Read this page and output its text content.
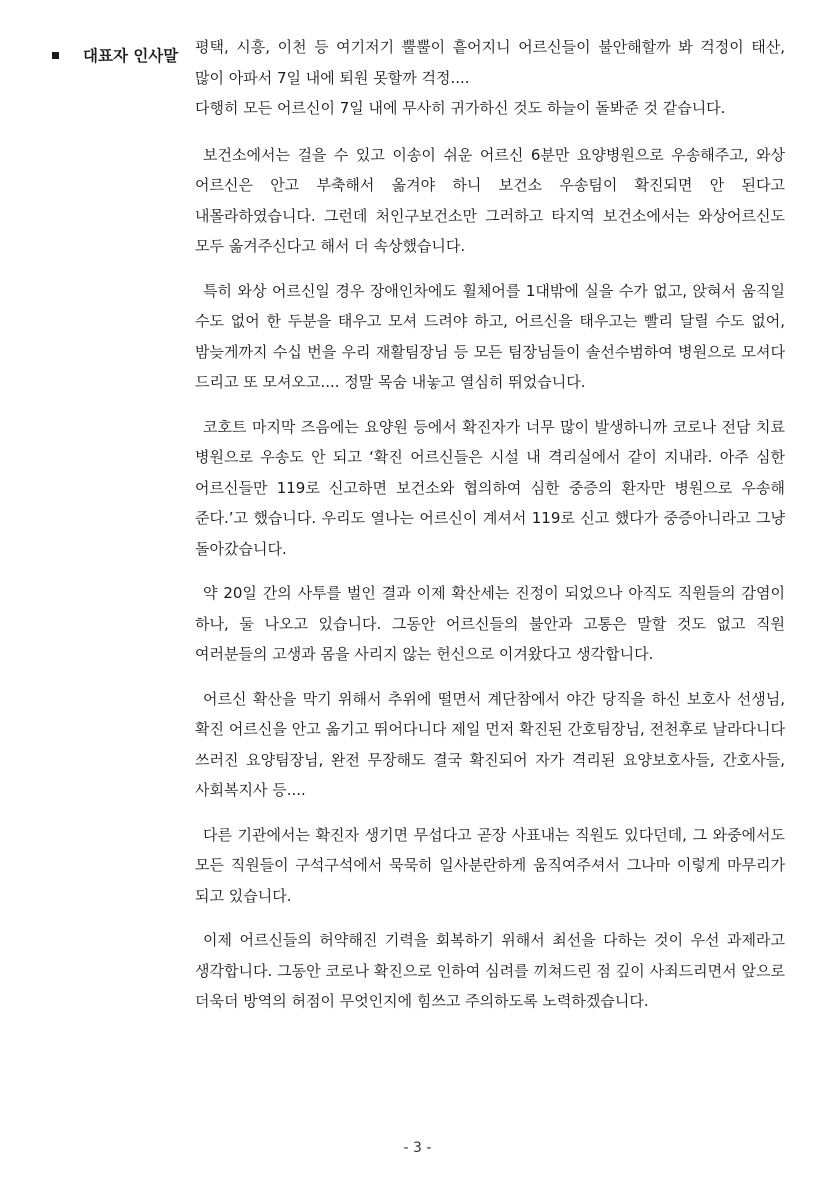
대표자 인사말 평택, 시흥, 이천 등 여기저기 뿔뿔이 흩어지니 어르신들이 불안해할까 봐 걱정이 태산, 많이 아파서 7일 내에 퇴원 못할까 걱정....
다행히 모든 어르신이 7일 내에 무사히 귀가하신 것도 하늘이 돌봐준 것 같습니다.

보건소에서는 걸을 수 있고 이송이 쉬운 어르신 6분만 요양병원으로 우송해주고, 와상 어르신은 안고 부축해서 옮겨야 하니 보건소 우송팀이 확진되면 안 된다고 내몰라하였습니다. 그런데 처인구보건소만 그러하고 타지역 보건소에서는 와상어르신도 모두 옮겨주신다고 해서 더 속상했습니다.

특히 와상 어르신일 경우 장애인차에도 휠체어를 1대밖에 실을 수가 없고, 앉혀서 움직일 수도 없어 한 두분을 태우고 모셔 드려야 하고, 어르신을 태우고는 빨리 달릴 수도 없어, 밤늦게까지 수십 번을 우리 재활팀장님 등 모든 팀장님들이 솔선수범하여 병원으로 모셔다 드리고 또 모셔오고.... 정말 목숨 내놓고 열심히 뛰었습니다.

코호트 마지막 즈음에는 요양원 등에서 확진자가 너무 많이 발생하니까 코로나 전담 치료 병원으로 우송도 안 되고 ‘확진 어르신들은 시설 내 격리실에서 같이 지내라. 아주 심한 어르신들만 119로 신고하면 보건소와 협의하여 심한 중증의 환자만 병원으로 우송해 준다.’고 했습니다. 우리도 열나는 어르신이 계셔서 119로 신고 했다가 중증아니라고 그냥 돌아갔습니다.

약 20일 간의 사투를 벌인 결과 이제 확산세는 진정이 되었으나 아직도 직원들의 감염이 하나, 둘 나오고 있습니다. 그동안 어르신들의 불안과 고통은 말할 것도 없고 직원 여러분들의 고생과 몸을 사리지 않는 헌신으로 이겨왔다고 생각합니다.

어르신 확산을 막기 위해서 추위에 떨면서 계단참에서 야간 당직을 하신 보호사 선생님, 확진 어르신을 안고 옮기고 뛰어다니다 제일 먼저 확진된 간호팀장님, 전천후로 날라다니다 쓰러진 요양팀장님, 완전 무장해도 결국 확진되어 자가 격리된 요양보호사들, 간호사들, 사회복지사 등....

다른 기관에서는 확진자 생기면 무섭다고 곧장 사표내는 직원도 있다던데, 그 와중에서도 모든 직원들이 구석구석에서 묵묵히 일사분란하게 움직여주셔서 그나마 이렇게 마무리가 되고 있습니다.

이제 어르신들의 허약해진 기력을 회복하기 위해서 최선을 다하는 것이 우선 과제라고 생각합니다. 그동안 코로나 확진으로 인하여 심려를 끼쳐드린 점 깊이 사죄드리면서 앞으로 더욱더 방역의 허점이 무엇인지에 힘쓰고 주의하도록 노력하겠습니다.

- 3 -
